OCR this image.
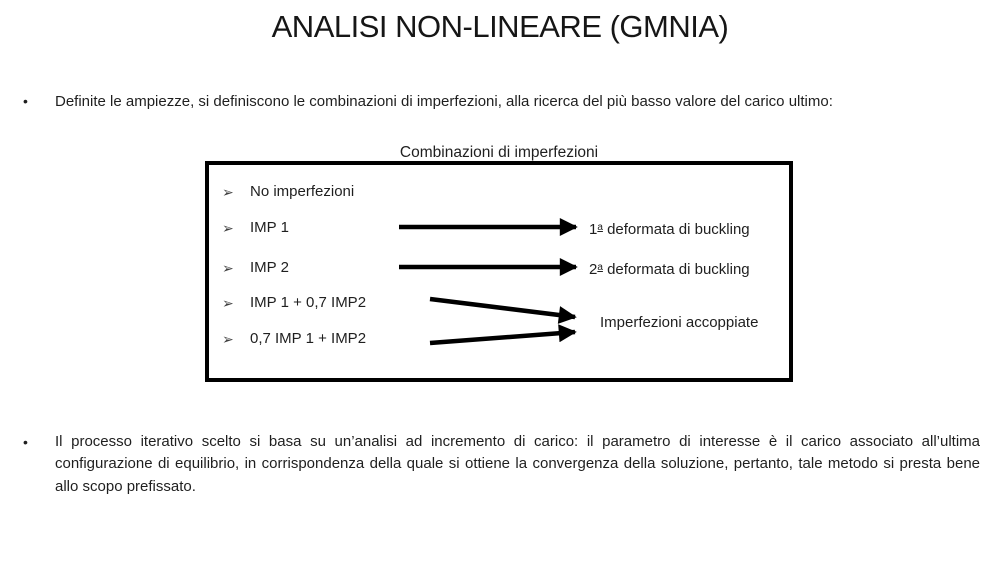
ANALISI NON-LINEARE (GMNIA)
• Definite le ampiezze, si definiscono le combinazioni di imperfezioni, alla ricerca del più basso valore del carico ultimo:
Combinazioni di imperfezioni
➢ No imperfezioni
➢ IMP 1
➢ IMP 2
➢ IMP 1 + 0,7 IMP2
➢ 0,7 IMP 1 + IMP2
1$^a$ deformata di buckling
2$^a$ deformata di buckling
Imperfezioni accoppiate
• Il processo iterativo scelto si basa su un’analisi ad incremento di carico: il parametro di interesse è il carico associato all’ultima configurazione di equilibrio, in corrispondenza della quale si ottiene la convergenza della soluzione, pertanto, tale metodo si presta bene allo scopo prefissato.
